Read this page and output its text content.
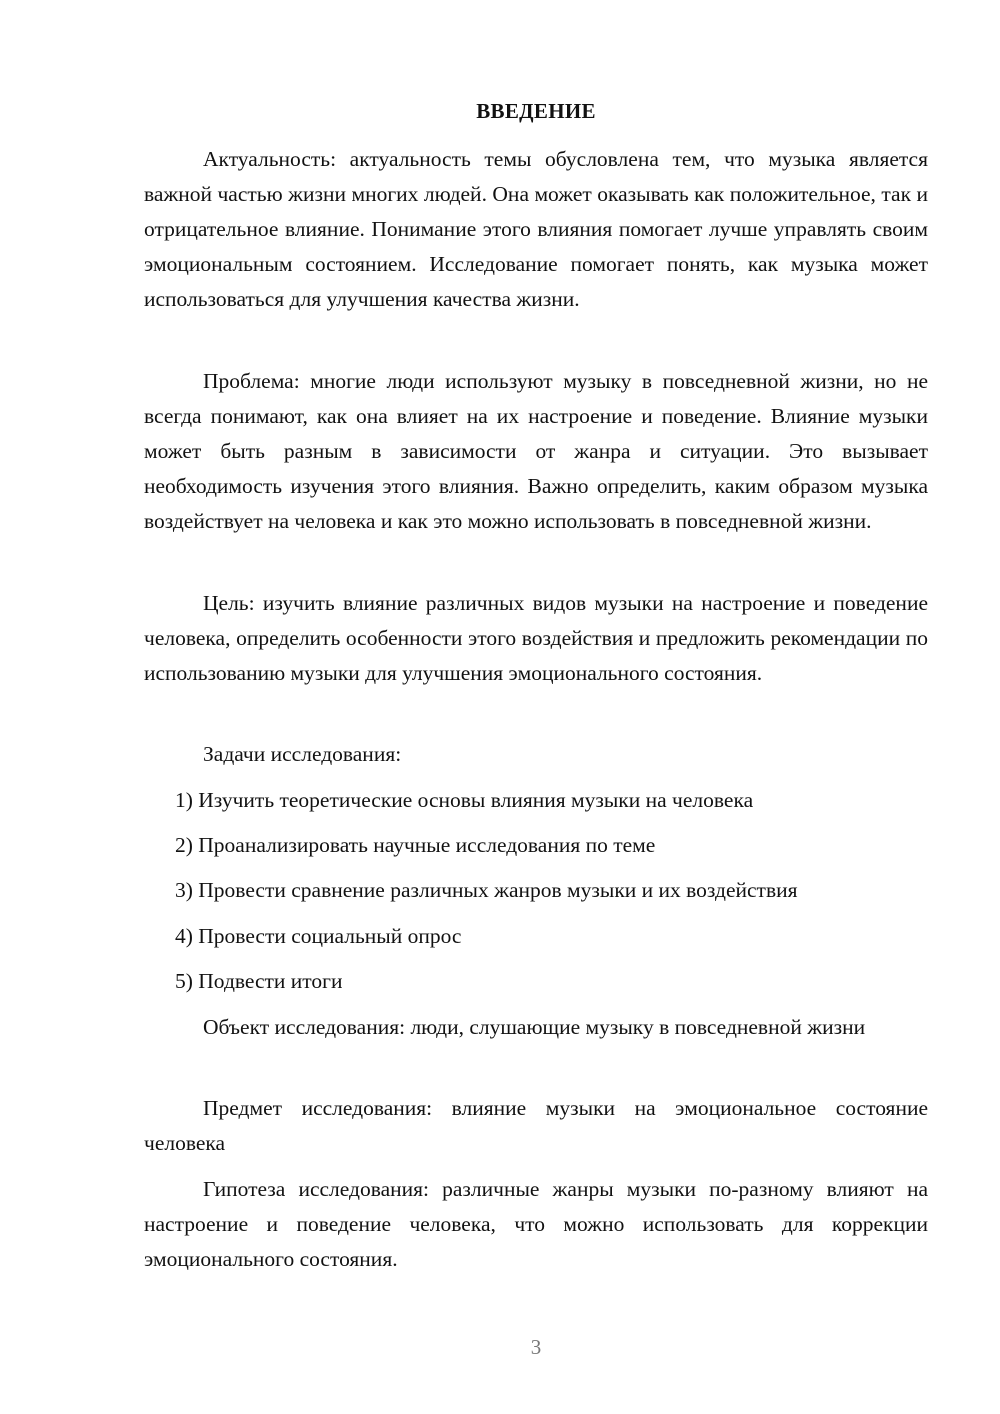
ВВЕДЕНИЕ

Актуальность: актуальность темы обусловлена тем, что музыка является важной частью жизни многих людей. Она может оказывать как положительное, так и отрицательное влияние. Понимание этого влияния помогает лучше управлять своим эмоциональным состоянием. Исследование помогает понять, как музыка может использоваться для улучшения качества жизни.

Проблема: многие люди используют музыку в повседневной жизни, но не всегда понимают, как она влияет на их настроение и поведение. Влияние музыки может быть разным в зависимости от жанра и ситуации. Это вызывает необходимость изучения этого влияния. Важно определить, каким образом музыка воздействует на человека и как это можно использовать в повседневной жизни.

Цель: изучить влияние различных видов музыки на настроение и поведение человека, определить особенности этого воздействия и предложить рекомендации по использованию музыки для улучшения эмоционального состояния.

Задачи исследования:

1) Изучить теоретические основы влияния музыки на человека

2) Проанализировать научные исследования по теме

3) Провести сравнение различных жанров музыки и их воздействия

4) Провести социальный опрос

5) Подвести итоги

Объект исследования: люди, слушающие музыку в повседневной жизни

Предмет исследования: влияние музыки на эмоциональное состояние человека

Гипотеза исследования: различные жанры музыки по-разному влияют на настроение и поведение человека, что можно использовать для коррекции эмоционального состояния.

3
